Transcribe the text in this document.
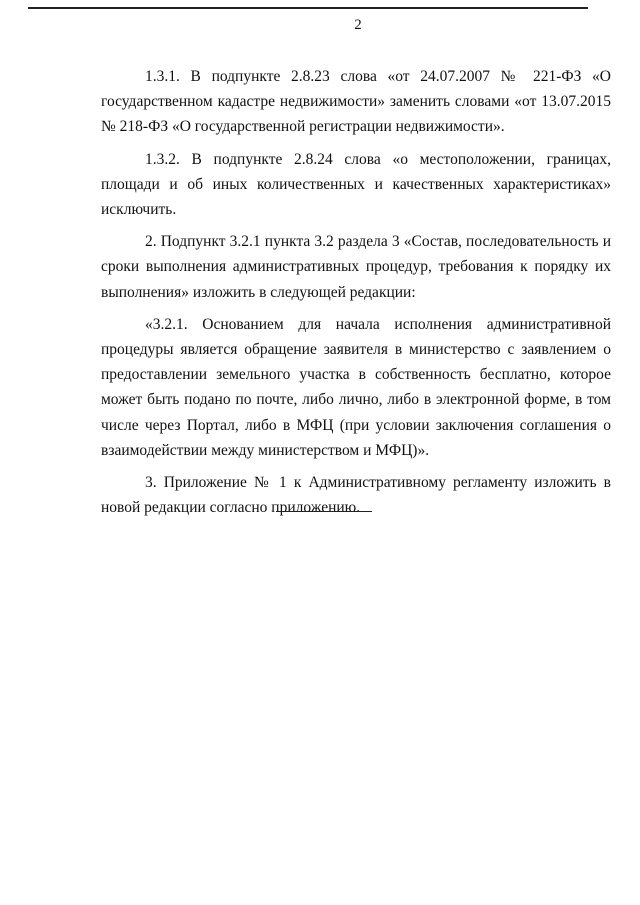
2

1.3.1. В подпункте 2.8.23 слова «от 24.07.2007 № 221-ФЗ «О государственном кадастре недвижимости» заменить словами «от 13.07.2015 № 218-ФЗ «О государственной регистрации недвижимости».

1.3.2. В подпункте 2.8.24 слова «о местоположении, границах, площади и об иных количественных и качественных характеристиках» исключить.

2. Подпункт 3.2.1 пункта 3.2 раздела 3 «Состав, последовательность и сроки выполнения административных процедур, требования к порядку их выполнения» изложить в следующей редакции:

«3.2.1. Основанием для начала исполнения административной процедуры является обращение заявителя в министерство с заявлением о предоставлении земельного участка в собственность бесплатно, которое может быть подано по почте, либо лично, либо в электронной форме, в том числе через Портал, либо в МФЦ (при условии заключения соглашения о взаимодействии между министерством и МФЦ)».

3. Приложение № 1 к Административному регламенту изложить в новой редакции согласно приложению.
